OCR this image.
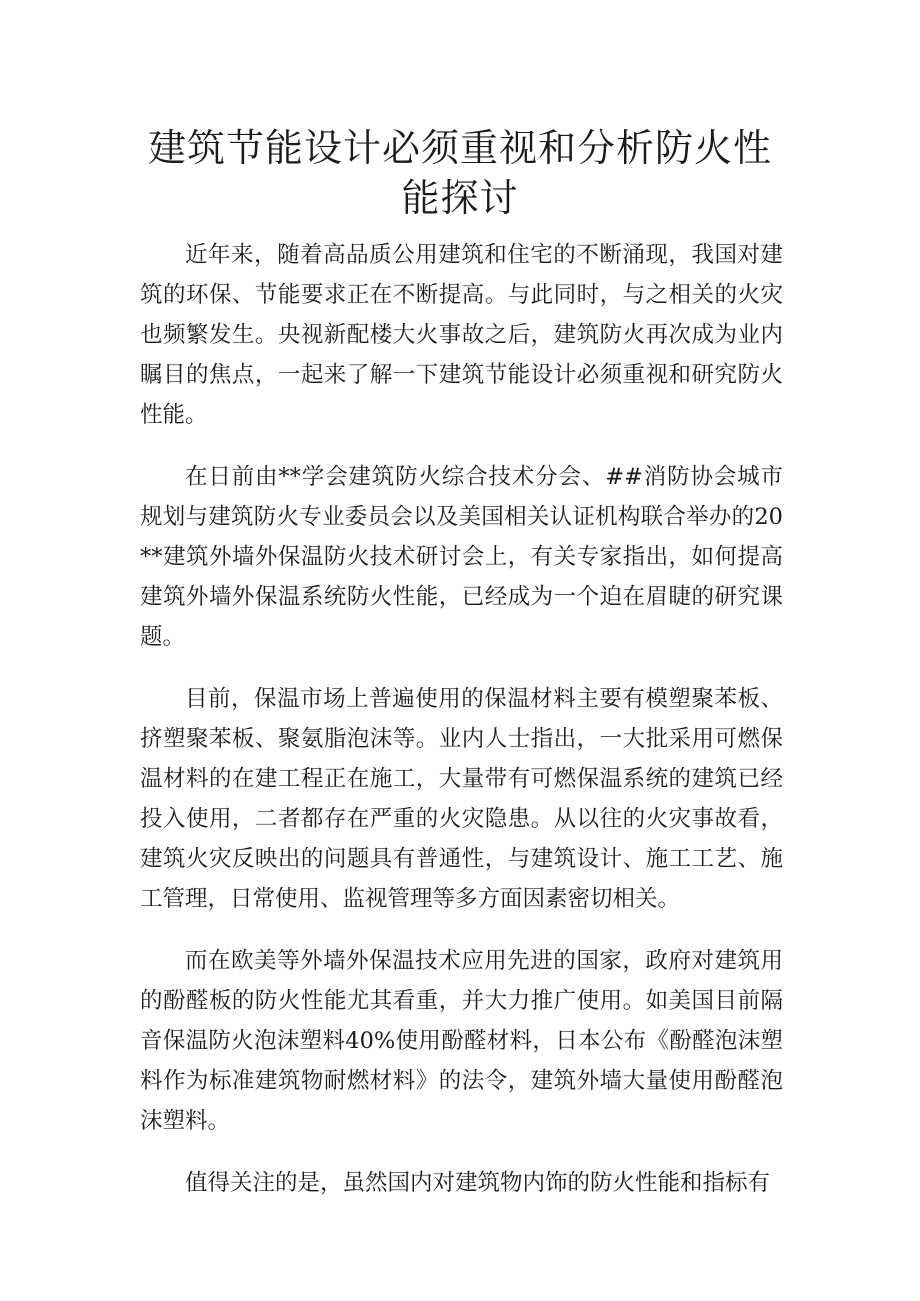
建筑节能设计必须重视和分析防火性能探讨

近年来，随着高品质公用建筑和住宅的不断涌现，我国对建筑的环保、节能要求正在不断提高。与此同时，与之相关的火灾也频繁发生。央视新配楼大火事故之后，建筑防火再次成为业内瞩目的焦点，一起来了解一下建筑节能设计必须重视和研究防火性能。

在日前由**学会建筑防火综合技术分会、##消防协会城市规划与建筑防火专业委员会以及美国相关认证机构联合举办的20**建筑外墙外保温防火技术研讨会上，有关专家指出，如何提高建筑外墙外保温系统防火性能，已经成为一个迫在眉睫的研究课题。

目前，保温市场上普遍使用的保温材料主要有模塑聚苯板、挤塑聚苯板、聚氨脂泡沫等。业内人士指出，一大批采用可燃保温材料的在建工程正在施工，大量带有可燃保温系统的建筑已经投入使用，二者都存在严重的火灾隐患。从以往的火灾事故看，建筑火灾反映出的问题具有普通性，与建筑设计、施工工艺、施工管理，日常使用、监视管理等多方面因素密切相关。

而在欧美等外墙外保温技术应用先进的国家，政府对建筑用的酚醛板的防火性能尤其看重，并大力推广使用。如美国目前隔音保温防火泡沫塑料40%使用酚醛材料，日本公布《酚醛泡沫塑料作为标准建筑物耐燃材料》的法令，建筑外墙大量使用酚醛泡沫塑料。

值得关注的是，虽然国内对建筑物内饰的防火性能和指标有
